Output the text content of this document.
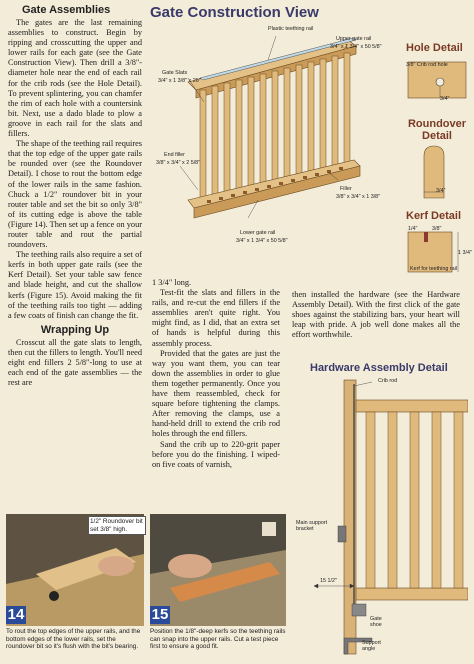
Gate Assemblies

The gates are the last remaining assemblies to construct. Begin by ripping and crosscutting the upper and lower rails for each gate (see the Gate Construction View). Then drill a 3/8"-diameter hole near the end of each rail for the crib rods (see the Hole Detail). To prevent splintering, you can chamfer the rim of each hole with a countersink bit. Next, use a dado blade to plow a groove in each rail for the slats and fillers.

The shape of the teething rail requires that the top edge of the upper gate rails be rounded over (see the Roundover Detail). I chose to rout the bottom edge of the lower rails in the same fashion. Chuck a 1/2" roundover bit in your router table and set the bit so only 3/8" of its cutting edge is above the table (Figure 14). Then set up a fence on your router table and rout the partial roundovers.

The teething rails also require a set of kerfs in both upper gate rails (see the Kerf Detail). Set your table saw fence and blade height, and cut the shallow kerfs (Figure 15). Avoid making the fit of the teething rails too tight — adding a few coats of finish can change the fit.

Wrapping Up

Crosscut all the gate slats to length, then cut the fillers to length. You'll need eight end fillers 2 5/8"-long to use at each end of the gate assemblies — the rest are

Gate Construction View
Plastic teething rail
Upper gate rail
3/4" x 1 3/4" x 50 5/8"
Gate Slats
3/4" x 1 3/8" x 26"
End filler
3/8" x 3/4" x 2 5/8"
Filler
3/8" x 3/4" x 1 3/8"
Lower gate rail
3/4" x 1 3/4" x 50 5/8"
Hole Detail
3/8" Crib rod hole
3/4"
Roundover Detail
3/4"
Kerf Detail
1/4"	3/8"
1 3/4"
Kerf for teething rail

1 3/4" long.

Test-fit the slats and fillers in the rails, and re-cut the end fillers if the assemblies aren't quite right. You might find, as I did, that an extra set of hands is helpful during this assembly process.

Provided that the gates are just the way you want them, you can tear down the assemblies in order to glue them together permanently. Once you have them reassembled, check for square before tightening the clamps. After removing the clamps, use a hand-held drill to extend the crib rod holes through the end fillers.

Sand the crib up to 220-grit paper before you do the finishing. I wiped-on five coats of varnish,

then installed the hardware (see the Hardware Assembly Detail). With the first click of the gate shoes against the stabilizing bars, your heart will leap with pride. A job well done makes all the effort worthwhile.

Hardware Assembly Detail
Crib rod
Main support bracket
15 1/2"
Gate shoe
Support angle
1/2" Roundover bit set 3/8" high.
14
To rout the top edges of the upper rails, and the bottom edges of the lower rails, set the roundover bit so it's flush with the bit's bearing.
15
Position the 1/8"-deep kerfs so the teething rails can snap into the upper rails. Cut a test piece first to ensure a good fit.
